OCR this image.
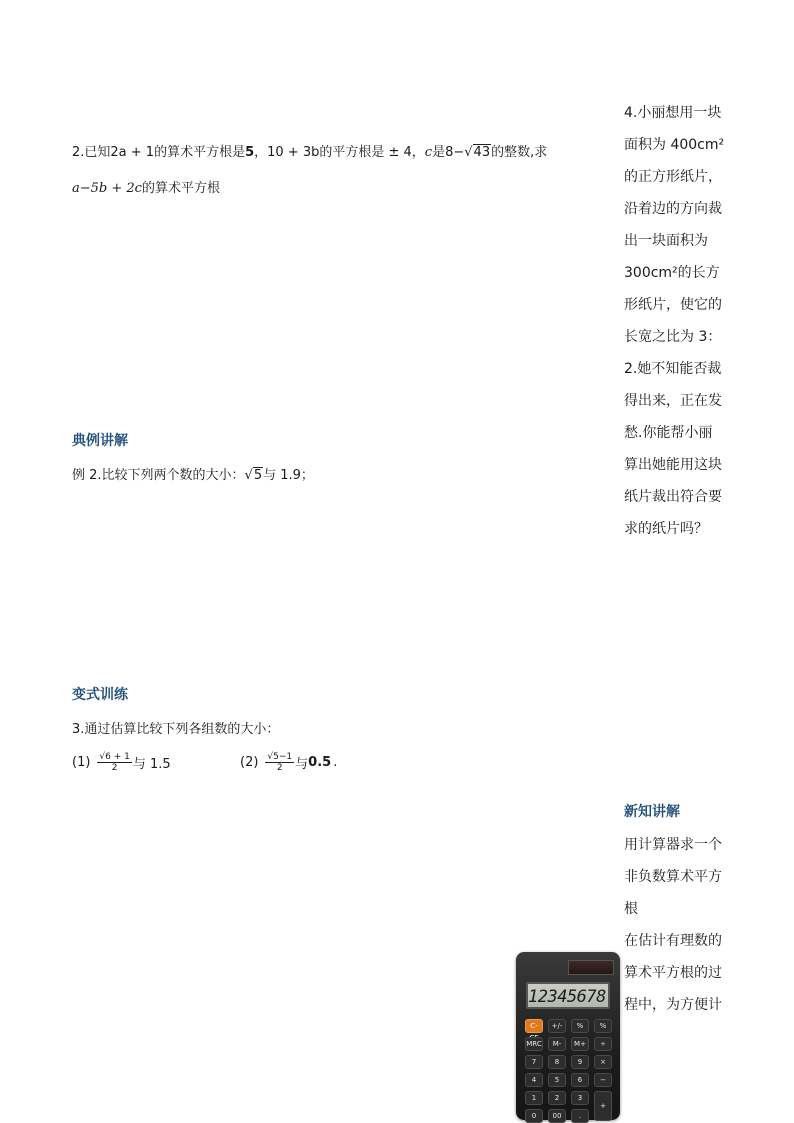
2.已知2a + 1的算术平方根是5，10 + 3b的平方根是 ± 4，c是8−√43的整数,求
a−5b + 2c的算术平方根
典例讲解
例 2.比较下列两个数的大小：√5与 1.9；
变式训练
3.通过估算比较下列各组数的大小：
$(1) \frac{√6 + 1}{2}$ 与 1.5	$(2) \frac{√5-1}{2}$ 与 0.5 .
4.小丽想用一块
面积为 400cm²
的正方形纸片，
沿着边的方向裁
出一块面积为
300cm²的长方
形纸片，使它的
长宽之比为 3：
2.她不知能否裁
得出来，正在发
愁.你能帮小丽
算出她能用这块
纸片裁出符合要
求的纸片吗？
新知讲解
用计算器求一个
非负数算术平方
根
在估计有理数的
算术平方根的过
程中，为方便计
12345678
C-	+/-	%	%
MRC	M-	M+	÷
7	8	9	×
4	5	6	−
1	2	3
+
0	00	.
